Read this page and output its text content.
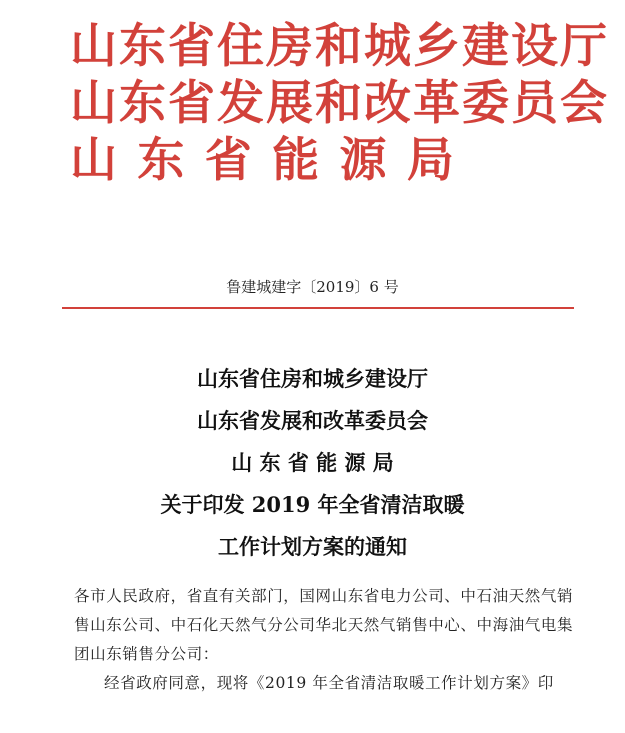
山东省住房和城乡建设厅
山东省发展和改革委员会
山 东 省 能 源 局
鲁建城建字〔2019〕6 号
山东省住房和城乡建设厅
山东省发展和改革委员会
山 东 省 能 源 局
关于印发 2019 年全省清洁取暖
工作计划方案的通知

各市人民政府，省直有关部门，国网山东省电力公司、中石油天然气销售山东公司、中石化天然气分公司华北天然气销售中心、中海油气电集团山东销售分公司：

经省政府同意，现将《2019 年全省清洁取暖工作计划方案》印
